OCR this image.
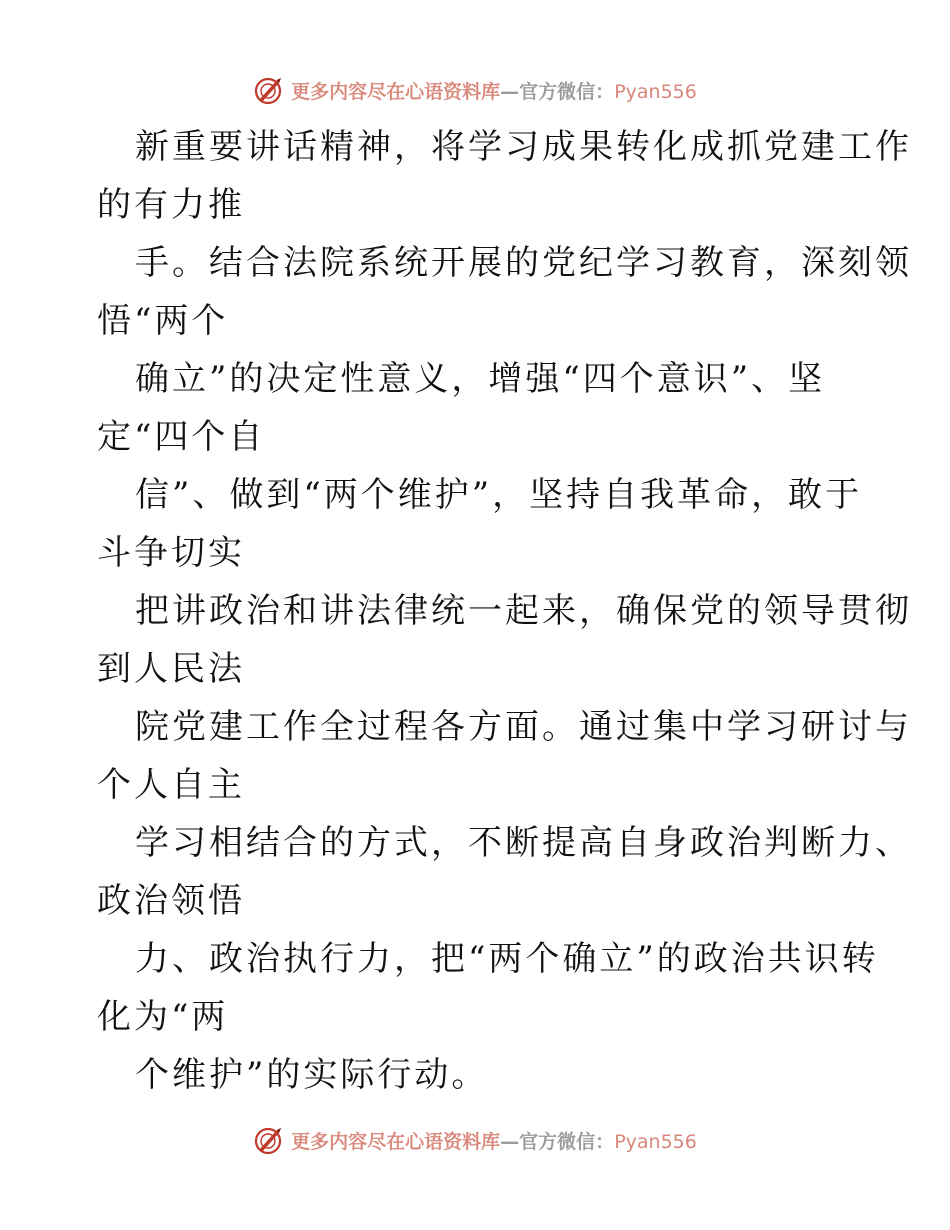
更多内容尽在心语资料库—官方微信：Pyan556
新重要讲话精神，将学习成果转化成抓党建工作
的有力推
手。结合法院系统开展的党纪学习教育，深刻领
悟“两个
确立”的决定性意义，增强“四个意识”、坚
定“四个自
信”、做到“两个维护”，坚持自我革命，敢于
斗争切实
把讲政治和讲法律统一起来，确保党的领导贯彻
到人民法
院党建工作全过程各方面。通过集中学习研讨与
个人自主
学习相结合的方式，不断提高自身政治判断力、
政治领悟
力、政治执行力，把“两个确立”的政治共识转
化为“两
个维护”的实际行动。
更多内容尽在心语资料库—官方微信：Pyan556
